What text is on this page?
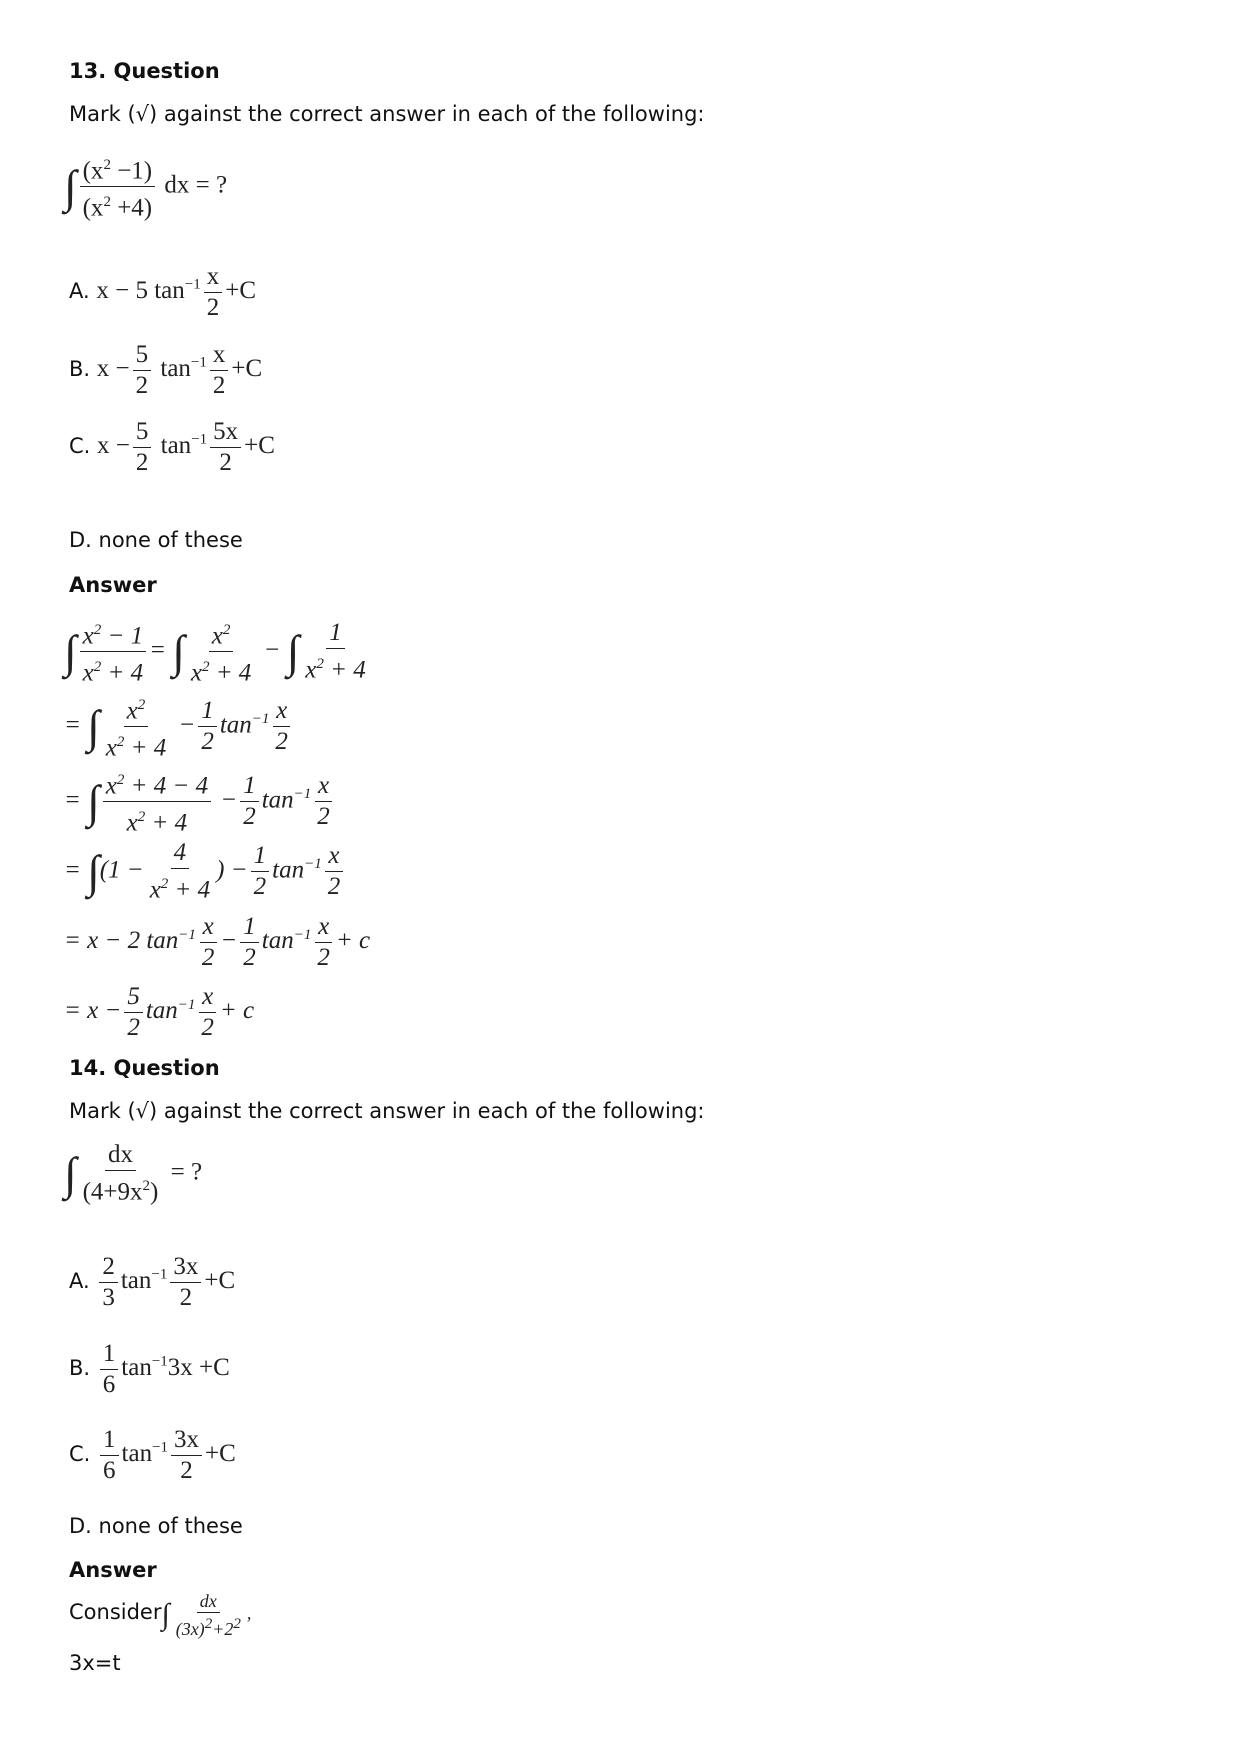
13. Question
Mark (√) against the correct answer in each of the following:
∫ $\frac{(x^2 -1)}{(x^2 +4)}$ dx = ?
A. x − 5 $\tan^{-1} \frac{x}{2} +C$
B. $x - \frac{5}{2} \tan^{-1} \frac{x}{2} +C$
C. $x - \frac{5}{2} \tan^{-1} \frac{5x}{2} +C$
D. none of these
Answer
∫ $\frac{x^2 - 1}{x^2 + 4}$ = ∫ $\frac{x^2}{x^2 + 4}$ − ∫ $\frac{1}{x^2 + 4}$
= ∫ $\frac{x^2}{x^2 + 4} - \frac{1}{2} \tan^{-1} \frac{x}{2}$
= ∫ $\frac{x^2 + 4 - 4}{x^2 + 4} - \frac{1}{2} \tan^{-1} \frac{x}{2}$
= $\int(1 - \frac{4}{x^2 + 4}$ ) − $\frac{1}{2} \tan^{-1} \frac{x}{2}$
= x − 2 $\tan^{-1} \frac{x}{2} - \frac{1}{2} \tan^{-1} \frac{x}{2} + c$
= $x - \frac{5}{2} \tan^{-1} \frac{x}{2} + c$
14. Question
Mark (√) against the correct answer in each of the following:
∫ $\frac{dx}{(4+9x^2)}$ = ?
A. $\frac{2}{3} \tan^{-1} \frac{3x}{2} +C$
B. $\frac{1}{6} \tan^{-1}3x +C$
C. $\frac{1}{6} \tan^{-1} \frac{3x}{2} +C$
D. none of these
Answer
Consider∫ $\frac{dx}{(3x)^2+2^2}$ ,
3x=t
